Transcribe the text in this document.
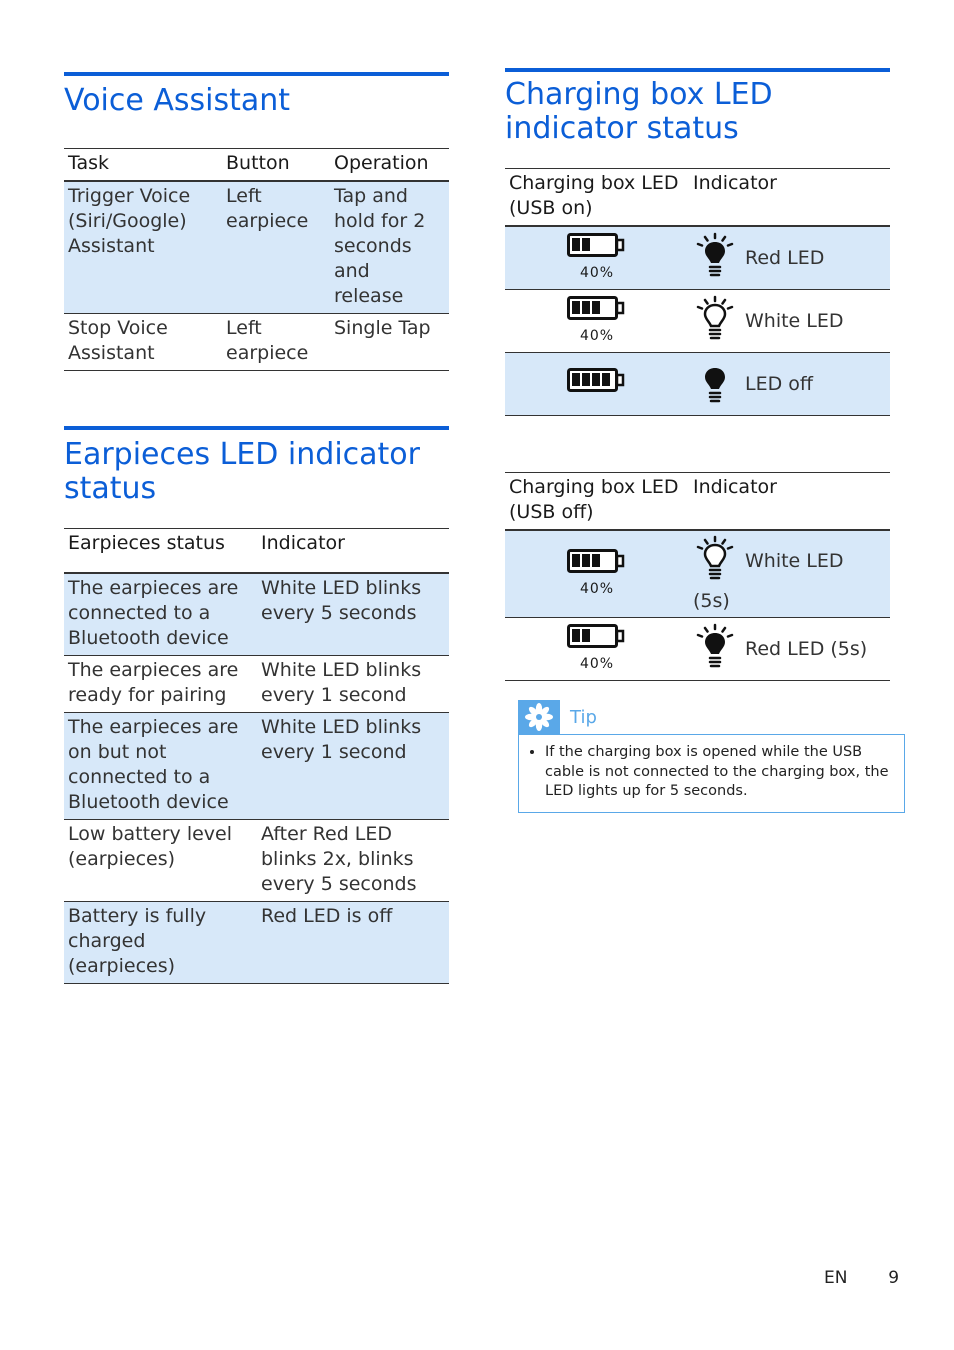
Voice Assistant
Task	Button	Operation
Trigger Voice (Siri/Google) Assistant	Left earpiece	Tap and hold for 2 seconds and release
Stop Voice Assistant	Left earpiece	Single Tap
Earpieces LED indicator status
Earpieces status	Indicator
The earpieces are connected to a Bluetooth device	White LED blinks every 5 seconds
The earpieces are ready for pairing	White LED blinks every 1 second
The earpieces are on but not connected to a Bluetooth device	White LED blinks every 1 second
Low battery level (earpieces)	After Red LED blinks 2x, blinks every 5 seconds
Battery is fully charged (earpieces)	Red LED is off
Charging box LED indicator status
Charging box LED (USB on)	Indicator

40%	Red LED

40%	White LED

	LED off
Charging box LED (USB off)	Indicator

40%	White LED (5s)

40%	Red LED (5s)
Tip
• If the charging box is opened while the USB cable is not connected to the charging box, the LED lights up for 5 seconds.
EN 9
